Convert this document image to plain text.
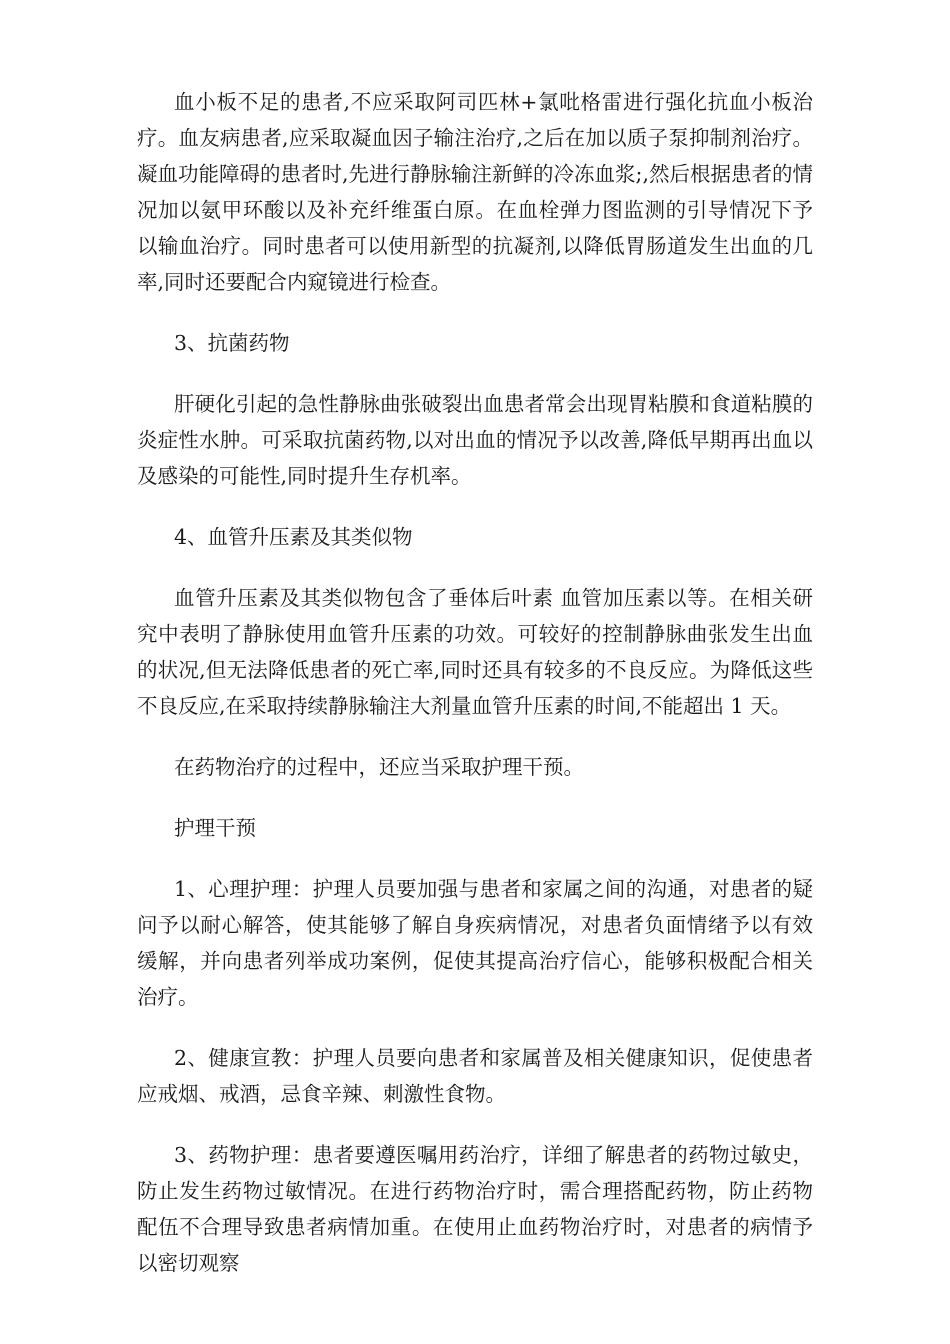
血小板不足的患者,不应采取阿司匹林+氯吡格雷进行强化抗血小板治疗。血友病患者,应采取凝血因子输注治疗,之后在加以质子泵抑制剂治疗。凝血功能障碍的患者时,先进行静脉输注新鲜的冷冻血浆;,然后根据患者的情况加以氨甲环酸以及补充纤维蛋白原。在血栓弹力图监测的引导情况下予以输血治疗。同时患者可以使用新型的抗凝剂,以降低胃肠道发生出血的几率,同时还要配合内窥镜进行检查。

3、抗菌药物

肝硬化引起的急性静脉曲张破裂出血患者常会出现胃粘膜和食道粘膜的炎症性水肿。可采取抗菌药物,以对出血的情况予以改善,降低早期再出血以及感染的可能性,同时提升生存机率。

4、血管升压素及其类似物

血管升压素及其类似物包含了垂体后叶素 血管加压素以等。在相关研究中表明了静脉使用血管升压素的功效。可较好的控制静脉曲张发生出血的状况,但无法降低患者的死亡率,同时还具有较多的不良反应。为降低这些不良反应,在采取持续静脉输注大剂量血管升压素的时间,不能超出 1 天。

在药物治疗的过程中，还应当采取护理干预。

护理干预

1、心理护理：护理人员要加强与患者和家属之间的沟通，对患者的疑问予以耐心解答，使其能够了解自身疾病情况，对患者负面情绪予以有效缓解，并向患者列举成功案例，促使其提高治疗信心，能够积极配合相关治疗。

2、健康宣教：护理人员要向患者和家属普及相关健康知识，促使患者应戒烟、戒酒，忌食辛辣、刺激性食物。

3、药物护理：患者要遵医嘱用药治疗，详细了解患者的药物过敏史，防止发生药物过敏情况。在进行药物治疗时，需合理搭配药物，防止药物配伍不合理导致患者病情加重。在使用止血药物治疗时，对患者的病情予以密切观察
